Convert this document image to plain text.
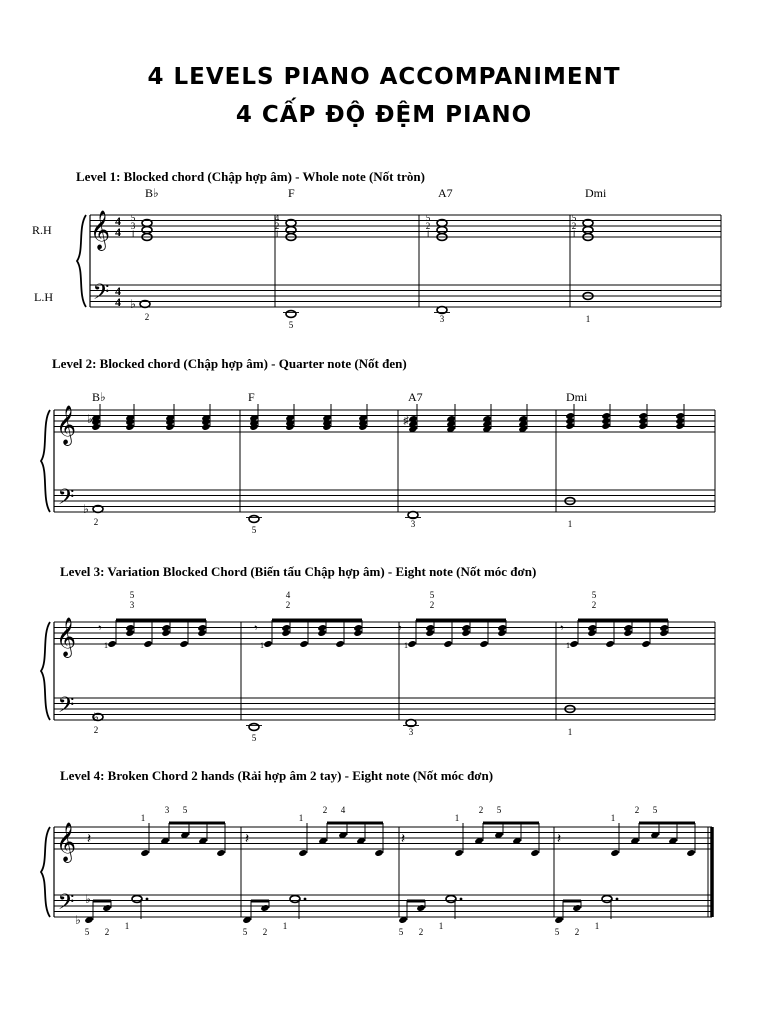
4 LEVELS PIANO ACCOMPANIMENT
4 CẤP ĐỘ ĐỆM PIANO
Level 1: Blocked chord (Chập hợp âm) - Whole note (Nốt tròn)
Level 2: Blocked chord (Chập hợp âm) - Quarter note (Nốt đen)
Level 3: Variation Blocked Chord (Biến tấu Chập hợp âm) - Eight note (Nốt móc đơn)
Level 4: Broken Chord 2 hands (Rải hợp âm 2 tay) - Eight note (Nốt móc đơn)
R.H
L.H
B♭	F	A7	Dmi
B♭	F	A7	Dmi
𝄞
𝄢
4
4
4
4
5
3
1
4
2
1
5
2
1
5
2
1
♭
2
5
3	1
𝄞
𝄢
♭	♯
♭
2
5
3	1
𝄞
𝄢
𝄾
1
5
3
𝄾
1
4
2
𝄾
1
5
2
𝄾
1
5
2
♭
2
5
3	1
𝄞
𝄢
𝄽
1
3 5
5 2
1
𝄽
1
2 4
5 2
1
𝄽
1
2 5
5 2
1
𝄽
1
2 5
5 2
1
♭
♭
